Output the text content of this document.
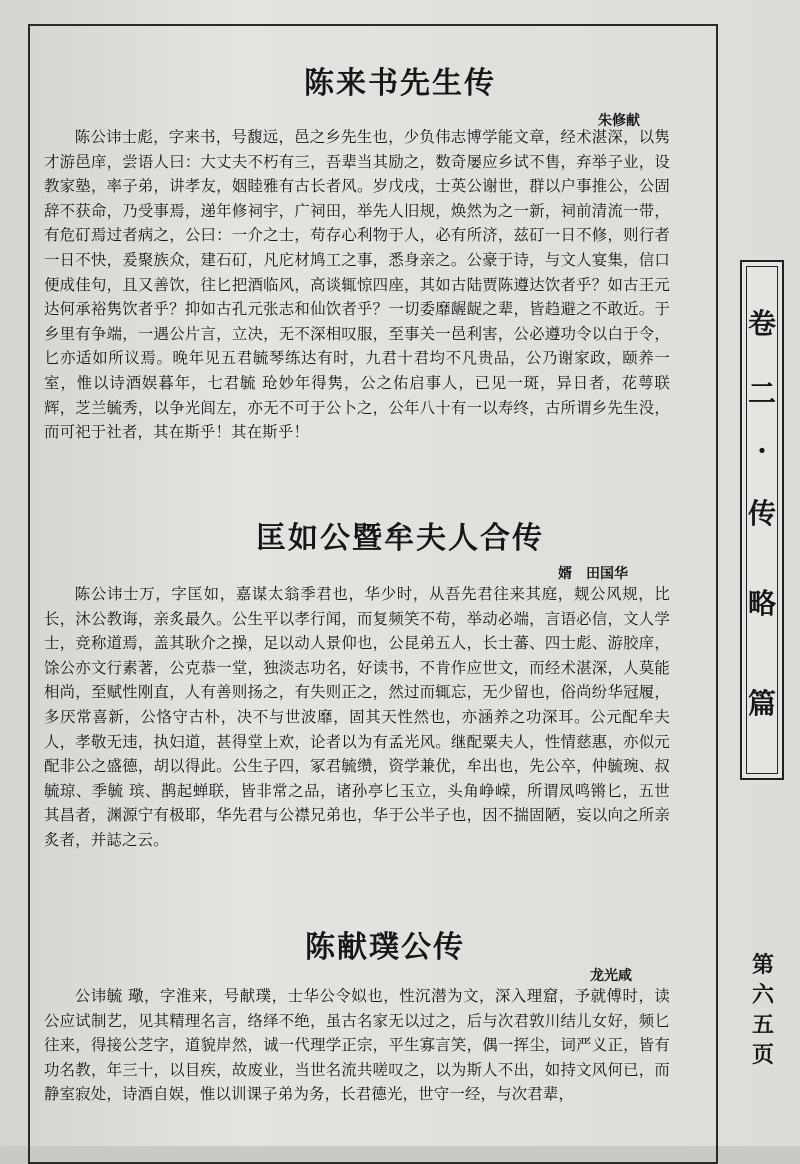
陈来书先生传

朱修献

陈公讳士彪，字来书，号馥远，邑之乡先生也，少负伟志博学能文章，经术湛深，以隽才游邑庠，尝语人曰：大丈夫不朽有三，吾辈当其励之，数奇屡应乡试不售，弃举子业，设教家塾，率子弟，讲孝友，姻睦雅有古长者风。岁戊戌，士英公谢世，群以户事推公，公固辞不获命，乃受事焉，递年修祠宇，广祠田，举先人旧规，焕然为之一新，祠前清流一带，有危矴焉过者病之，公曰：一介之士，苟存心利物于人，必有所济，兹矴一日不修，则行者一日不快，爰聚族众，建石矴，凡庀材鸠工之事，悉身亲之。公豪于诗，与文人宴集，信口便成佳句，且又善饮，往匕把酒临风，高谈辄惊四座，其如古陆贾陈遵达饮者乎？如古王元达何承裕隽饮者乎？抑如古孔元张志和仙饮者乎？一切委靡龌龊之辈，皆趋避之不敢近。于乡里有争端，一遇公片言，立决，无不深相叹服，至事关一邑利害，公必遵功令以白于令，匕亦适如所议焉。晚年见五君毓琴练达有时，九君十君均不凡贵品，公乃谢家政，颐养一室，惟以诗酒娱暮年，七君毓 玱妙年得隽，公之佑启事人，已见一斑，异日者，花萼联辉，芝兰毓秀，以争光闾左，亦无不可于公卜之，公年八十有一以寿终，古所谓乡先生没，而可祀于社者，其在斯乎！其在斯乎！

匡如公暨牟夫人合传

婿　田国华

陈公讳士万，字匡如，嘉谋太翁季君也，华少时，从吾先君往来其庭，觌公风规，比长，沐公教诲，亲炙最久。公生平以孝行闻，而复频笑不苟，举动必端，言语必信，文人学士，竞称道焉，盖其耿介之操，足以动人景仰也，公昆弟五人，长士蕃、四士彪、游胶庠，馀公亦文行素著，公克恭一堂，独淡志功名，好读书，不肯作应世文，而经术湛深，人莫能相尚，至赋性刚直，人有善则扬之，有失则正之，然过而辄忘，无少留也，俗尚纷华冠履，多厌常喜新，公恪守古朴，决不与世波靡，固其天性然也，亦涵养之功深耳。公元配牟夫人，孝敬无违，执妇道，甚得堂上欢，论者以为有孟光风。继配粟夫人，性情慈惠，亦似元配非公之盛德，胡以得此。公生子四，冢君毓缵，资学兼优，牟出也，先公卒，仲毓琬、叔毓琼、季毓 瑸、鹊起蝉联，皆非常之品，诸孙亭匕玉立，头角峥嵘，所谓凤鸣锵匕，五世其昌者，渊源宁有极耶，华先君与公襟兄弟也，华于公半子也，因不揣固陋，妄以向之所亲炙者，并誌之云。

陈献璞公传

龙光咸

公讳毓 璥，字淮来，号献璞，士华公令姒也，性沉潜为文，深入理窟，予就傅时，读公应试制艺，见其精理名言，络绎不绝，虽古名家无以过之，后与次君敦川结儿女好，频匕往来，得接公芝字，道貌岸然，诚一代理学正宗，平生寡言笑，偶一挥尘，词严义正，皆有功名教，年三十，以目疾，故废业，当世名流共嗟叹之，以为斯人不出，如持文风何已，而静室寂处，诗酒自娱，惟以训课子弟为务，长君德光，世守一经，与次君辈，

卷
二
·
传
略
篇
第
六
五
页
